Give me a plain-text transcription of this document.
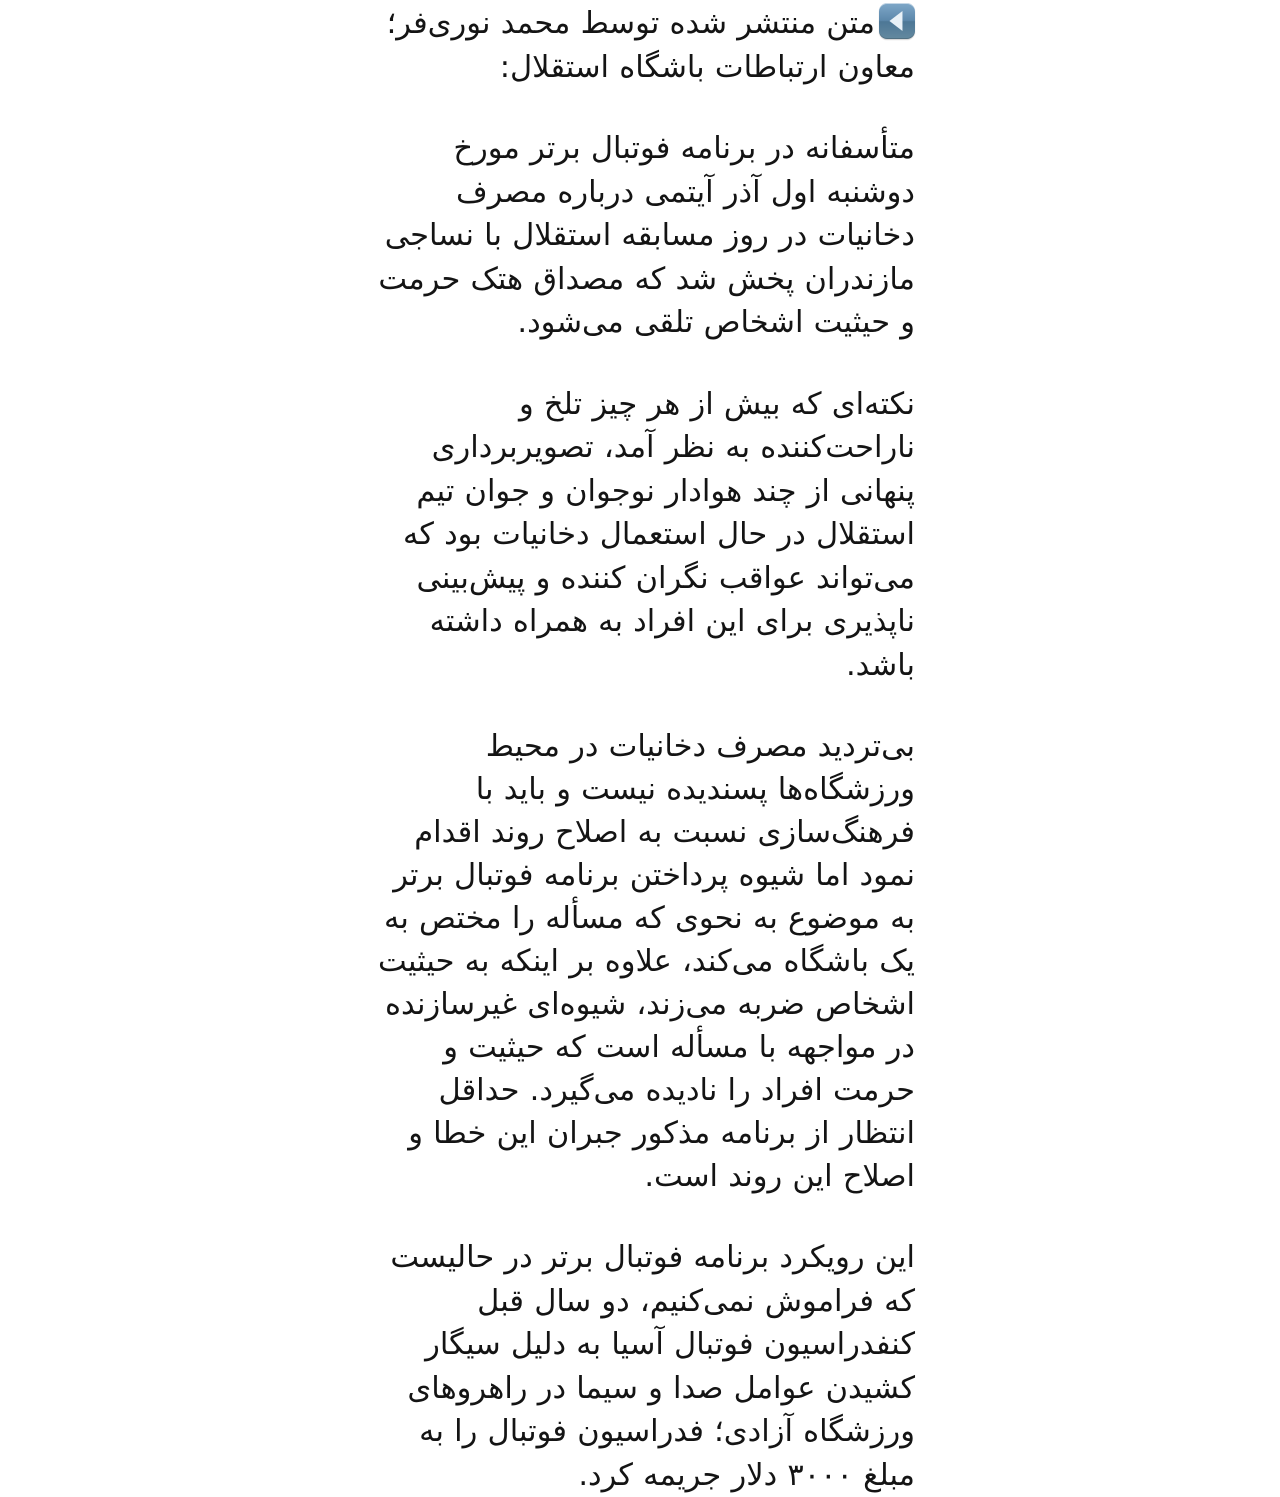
متن منتشر شده توسط محمد نوری‌فر؛ معاون ارتباطات باشگاه استقلال:

متأسفانه در برنامه فوتبال برتر مورخ دوشنبه اول آذر آیتمی درباره مصرف دخانیات در روز مسابقه استقلال با نساجی مازندران پخش شد که مصداق هتک حرمت و حیثیت اشخاص تلقی می‌شود.

نکته‌ای که بیش از هر چیز تلخ و ناراحت‌کننده به نظر آمد، تصویربرداری پنهانی از چند هوادار نوجوان و جوان تیم استقلال در حال استعمال دخانیات بود که می‌تواند عواقب نگران کننده و پیش‌بینی ناپذیری برای این افراد به همراه داشته باشد.

بی‌تردید مصرف دخانیات در محیط ورزشگاه‌ها پسندیده نیست و باید با فرهنگ‌سازی نسبت به اصلاح روند اقدام نمود اما شیوه پرداختن برنامه فوتبال برتر به موضوع به نحوی که مسأله را مختص به یک باشگاه می‌کند، علاوه بر اینکه به حیثیت اشخاص ضربه می‌زند، شیوه‌ای غیرسازنده در مواجهه با مسأله است که حیثیت و حرمت افراد را نادیده می‌گیرد. حداقل انتظار از برنامه مذکور جبران این خطا و اصلاح این روند است.

این رویکرد برنامه فوتبال برتر در حالیست که فراموش نمی‌کنیم، دو سال قبل کنفدراسیون فوتبال آسیا به دلیل سیگار کشیدن عوامل صدا و سیما در راهروهای ورزشگاه آزادی؛ فدراسیون فوتبال را به مبلغ ۳۰۰۰ دلار جریمه کرد.
